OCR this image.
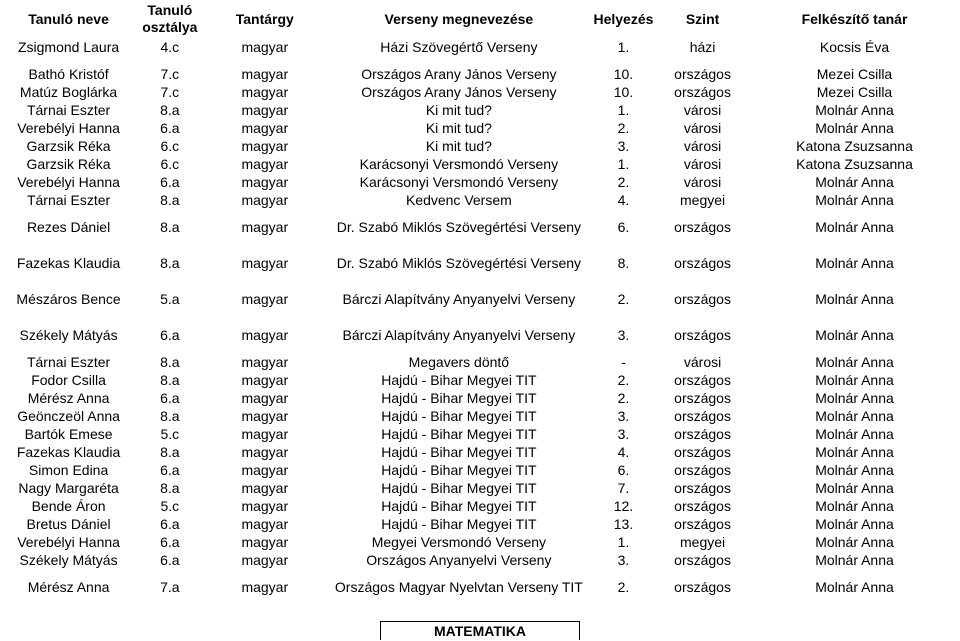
Tanuló neve	Tanuló osztálya	Tantárgy	Verseny megnevezése	Helyezés	Szint	Felkészítő tanár
Zsigmond Laura	4.c	magyar	Házi Szövegértő Verseny	1.	házi	Kocsis Éva

Bathó Kristóf	7.c	magyar	Országos Arany János Verseny	10.	országos	Mezei Csilla
Matúz Boglárka	7.c	magyar	Országos Arany János Verseny	10.	országos	Mezei Csilla
Tárnai Eszter	8.a	magyar	Ki mit tud?	1.	városi	Molnár Anna
Verebélyi Hanna	6.a	magyar	Ki mit tud?	2.	városi	Molnár Anna
Garzsik Réka	6.c	magyar	Ki mit tud?	3.	városi	Katona Zsuzsanna
Garzsik Réka	6.c	magyar	Karácsonyi Versmondó Verseny	1.	városi	Katona Zsuzsanna
Verebélyi Hanna	6.a	magyar	Karácsonyi Versmondó Verseny	2.	városi	Molnár Anna
Tárnai Eszter	8.a	magyar	Kedvenc Versem	4.	megyei	Molnár Anna
Rezes Dániel	8.a	magyar	Dr. Szabó Miklós Szövegértési Verseny	6.	országos	Molnár Anna
Fazekas Klaudia	8.a	magyar	Dr. Szabó Miklós Szövegértési Verseny	8.	országos	Molnár Anna
Mészáros Bence	5.a	magyar	Bárczi Alapítvány Anyanyelvi Verseny	2.	országos	Molnár Anna
Székely Mátyás	6.a	magyar	Bárczi Alapítvány Anyanyelvi Verseny	3.	országos	Molnár Anna
Tárnai Eszter	8.a	magyar	Megavers döntő	-	városi	Molnár Anna
Fodor Csilla	8.a	magyar	Hajdú - Bihar Megyei TIT	2.	országos	Molnár Anna
Mérész Anna	6.a	magyar	Hajdú - Bihar Megyei TIT	2.	országos	Molnár Anna
Geönczeöl Anna	8.a	magyar	Hajdú - Bihar Megyei TIT	3.	országos	Molnár Anna
Bartók Emese	5.c	magyar	Hajdú - Bihar Megyei TIT	3.	országos	Molnár Anna
Fazekas Klaudia	8.a	magyar	Hajdú - Bihar Megyei TIT	4.	országos	Molnár Anna
Simon Edina	6.a	magyar	Hajdú - Bihar Megyei TIT	6.	országos	Molnár Anna
Nagy Margaréta	8.a	magyar	Hajdú - Bihar Megyei TIT	7.	országos	Molnár Anna
Bende Áron	5.c	magyar	Hajdú - Bihar Megyei TIT	12.	országos	Molnár Anna
Bretus Dániel	6.a	magyar	Hajdú - Bihar Megyei TIT	13.	országos	Molnár Anna
Verebélyi Hanna	6.a	magyar	Megyei Versmondó Verseny	1.	megyei	Molnár Anna
Székely Mátyás	6.a	magyar	Országos Anyanyelvi Verseny	3.	országos	Molnár Anna
Mérész Anna	7.a	magyar	Országos Magyar Nyelvtan Verseny TIT	2.	országos	Molnár Anna
MATEMATIKA
